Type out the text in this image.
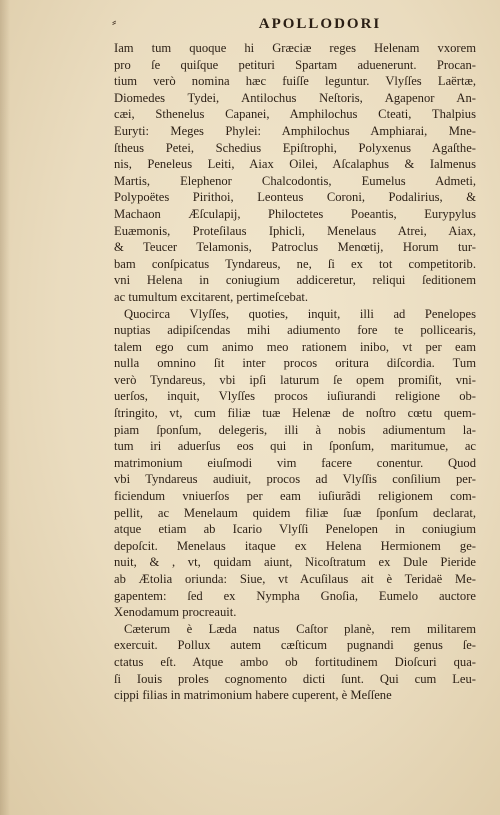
⸗	APOLLODORI
Iam tum quoque hi Græciæ reges Helenam vxorem
pro ſe quiſque petituri Spartam aduenerunt. Procan-
tium verò nomina hæc fuiſſe leguntur. Vlyſſes Laërtæ,
Diomedes Tydei, Antilochus Neſtoris, Agapenor An-
cæi, Sthenelus Capanei, Amphilochus Cteati, Thalpius
Euryti: Meges Phylei: Amphilochus Amphiarai, Mne-
ſtheus Petei, Schedius Epiſtrophi, Polyxenus Agaſthe-
nis, Peneleus Leiti, Aiax Oilei, Aſcalaphus & Ialmenus
Martis, Elephenor Chalcodontis, Eumelus Admeti,
Polypoëtes Pirithoi, Leonteus Coroni, Podalirius, &
Machaon Æſculapij, Philoctetes Poeantis, Eurypylus
Euæmonis, Proteſilaus Iphicli, Menelaus Atrei, Aiax,
& Teucer Telamonis, Patroclus Menœtij, Horum tur-
bam conſpicatus Tyndareus, ne, ſi ex tot competitorib.
vni Helena in coniugium addiceretur, reliqui ſeditionem
ac tumultum excitarent, pertimeſcebat.
Quocirca Vlyſſes, quoties, inquit, illi ad Penelopes
nuptias adipiſcendas mihi adiumento fore te pollicearis,
talem ego cum animo meo rationem inibo, vt per eam
nulla omnino ſit inter procos oritura diſcordia. Tum
verò Tyndareus, vbi ipſi laturum ſe opem promiſit, vni-
uerſos, inquit, Vlyſſes procos iuſiurandi religione ob-
ſtringito, vt, cum filiæ tuæ Helenæ de noſtro cœtu quem-
piam ſponſum, delegeris, illi à nobis adiumentum la-
tum iri aduerſus eos qui in ſponſum, maritumue, ac
matrimonium eiuſmodi vim facere conentur. Quod
vbi Tyndareus audiuit, procos ad Vlyſſis conſilium per-
ficiendum vniuerſos per eam iuſiurãdi religionem com-
pellit, ac Menelaum quidem filiæ ſuæ ſponſum declarat,
atque etiam ab Icario Vlyſſi Penelopen in coniugium
depoſcit. Menelaus itaque ex Helena Hermionem ge-
nuit, & , vt, quidam aiunt, Nicoſtratum ex Dule Pieride
ab Ætolia oriunda: Siue, vt Acuſilaus ait è Teridaë Me-
gapentem: ſed ex Nympha Gnoſia, Eumelo auctore
Xenodamum procreauit.
Cæterum è Læda natus Caſtor planè, rem militarem
exercuit. Pollux autem cæſticum pugnandi genus ſe-
ctatus eſt. Atque ambo ob fortitudinem Dioſcuri qua-
ſi Iouis proles cognomento dicti ſunt. Qui cum Leu-
cippi filias in matrimonium habere cuperent, è Meſſene
